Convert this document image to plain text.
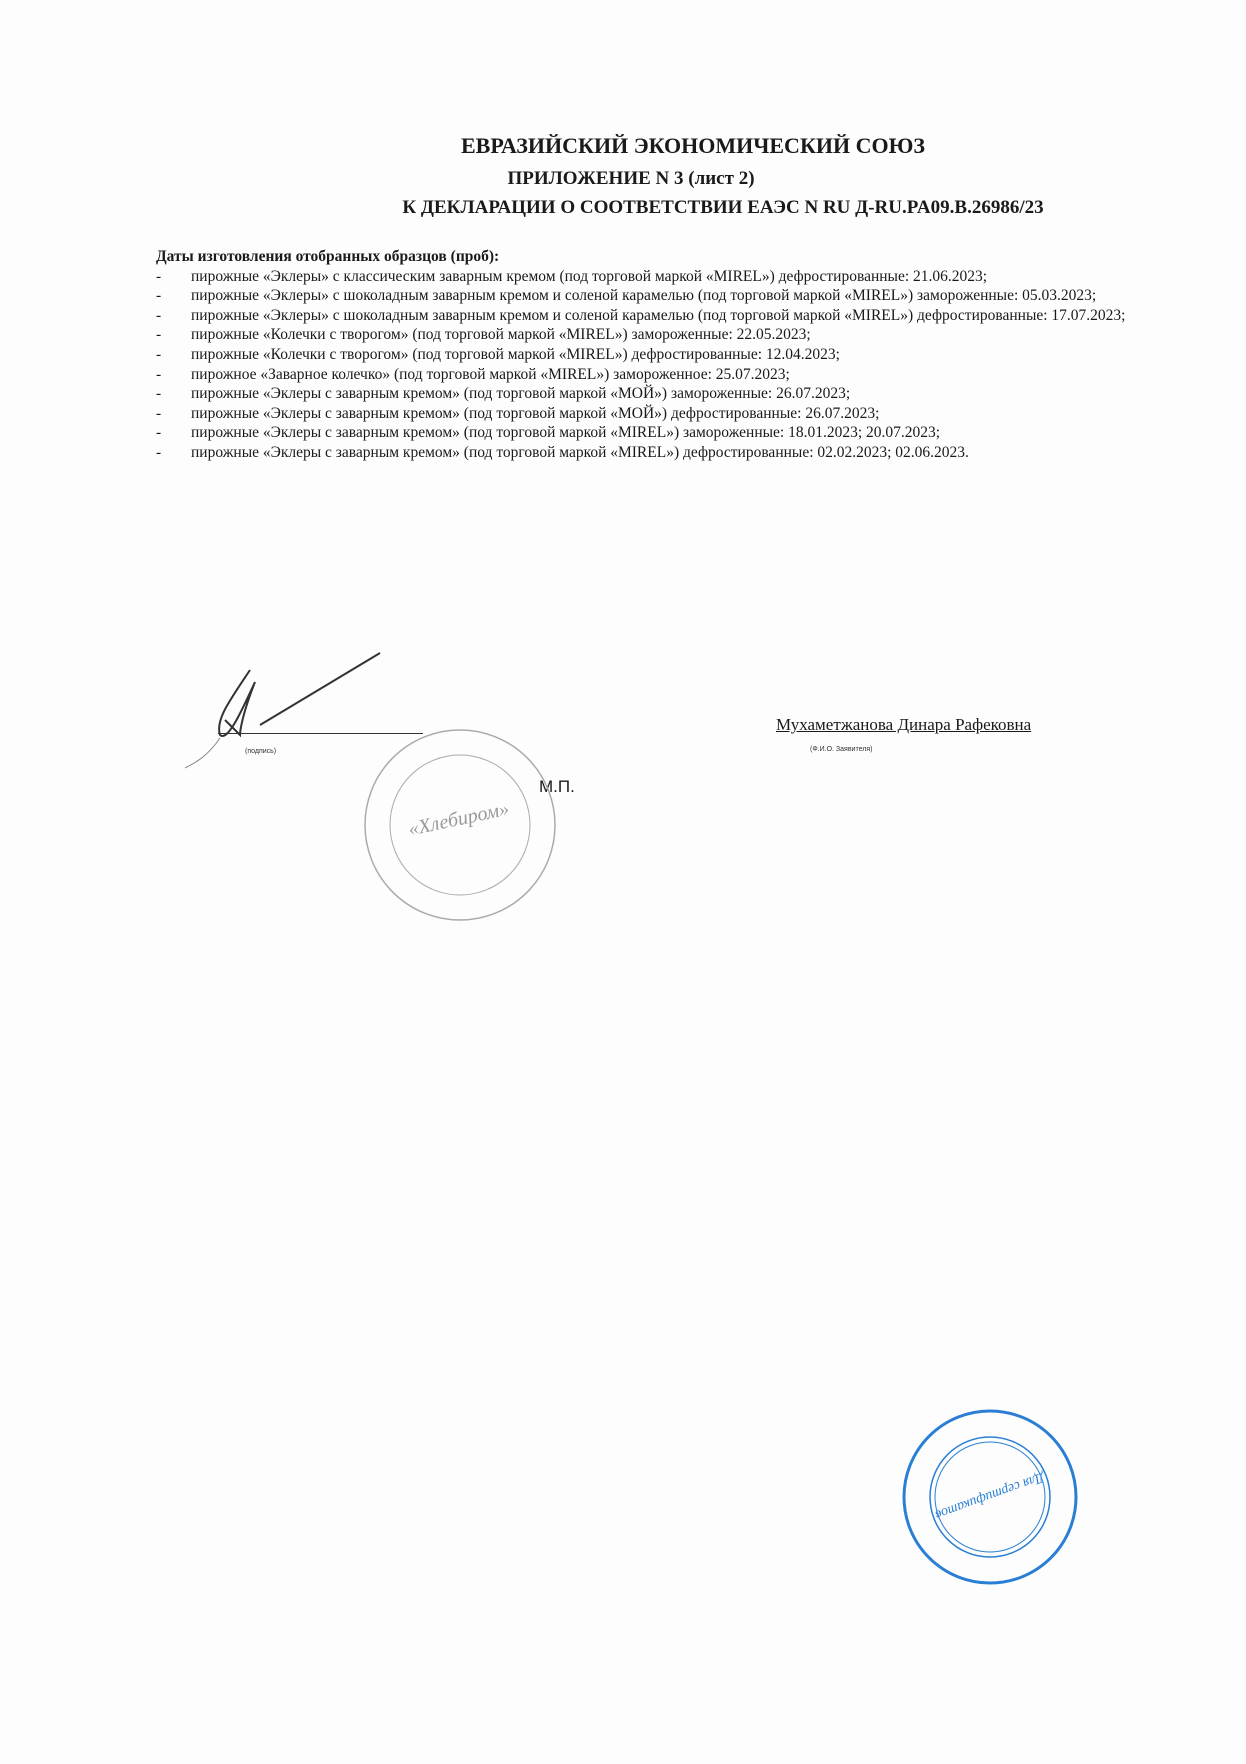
ЕВРАЗИЙСКИЙ ЭКОНОМИЧЕСКИЙ СОЮЗ
ПРИЛОЖЕНИЕ N 3 (лист 2)
К ДЕКЛАРАЦИИ О СООТВЕТСТВИИ ЕАЭС N RU Д-RU.PA09.B.26986/23
Даты изготовления отобранных образцов (проб):
- пирожные «Эклеры» с классическим заварным кремом (под торговой маркой «MIREL») дефростированные: 21.06.2023;
- пирожные «Эклеры» с шоколадным заварным кремом и соленой карамелью (под торговой маркой «MIREL») замороженные: 05.03.2023;
- пирожные «Эклеры» с шоколадным заварным кремом и соленой карамелью (под торговой маркой «MIREL») дефростированные: 17.07.2023;
- пирожные «Колечки с творогом» (под торговой маркой «MIREL») замороженные: 22.05.2023;
- пирожные «Колечки с творогом» (под торговой маркой «MIREL») дефростированные: 12.04.2023;
- пирожное «Заварное колечко» (под торговой маркой «MIREL») замороженное: 25.07.2023;
- пирожные «Эклеры с заварным кремом» (под торговой маркой «МОЙ») замороженные: 26.07.2023;
- пирожные «Эклеры с заварным кремом» (под торговой маркой «МОЙ») дефростированные: 26.07.2023;
- пирожные «Эклеры с заварным кремом» (под торговой маркой «MIREL») замороженные: 18.01.2023; 20.07.2023;
- пирожные «Эклеры с заварным кремом» (под торговой маркой «MIREL») дефростированные: 02.02.2023; 02.06.2023.
(подпись)
Мухаметжанова Динара Рафековна
(Ф.И.О. Заявителя)
М.П.
«Хлебиром»
Для сертификатов
